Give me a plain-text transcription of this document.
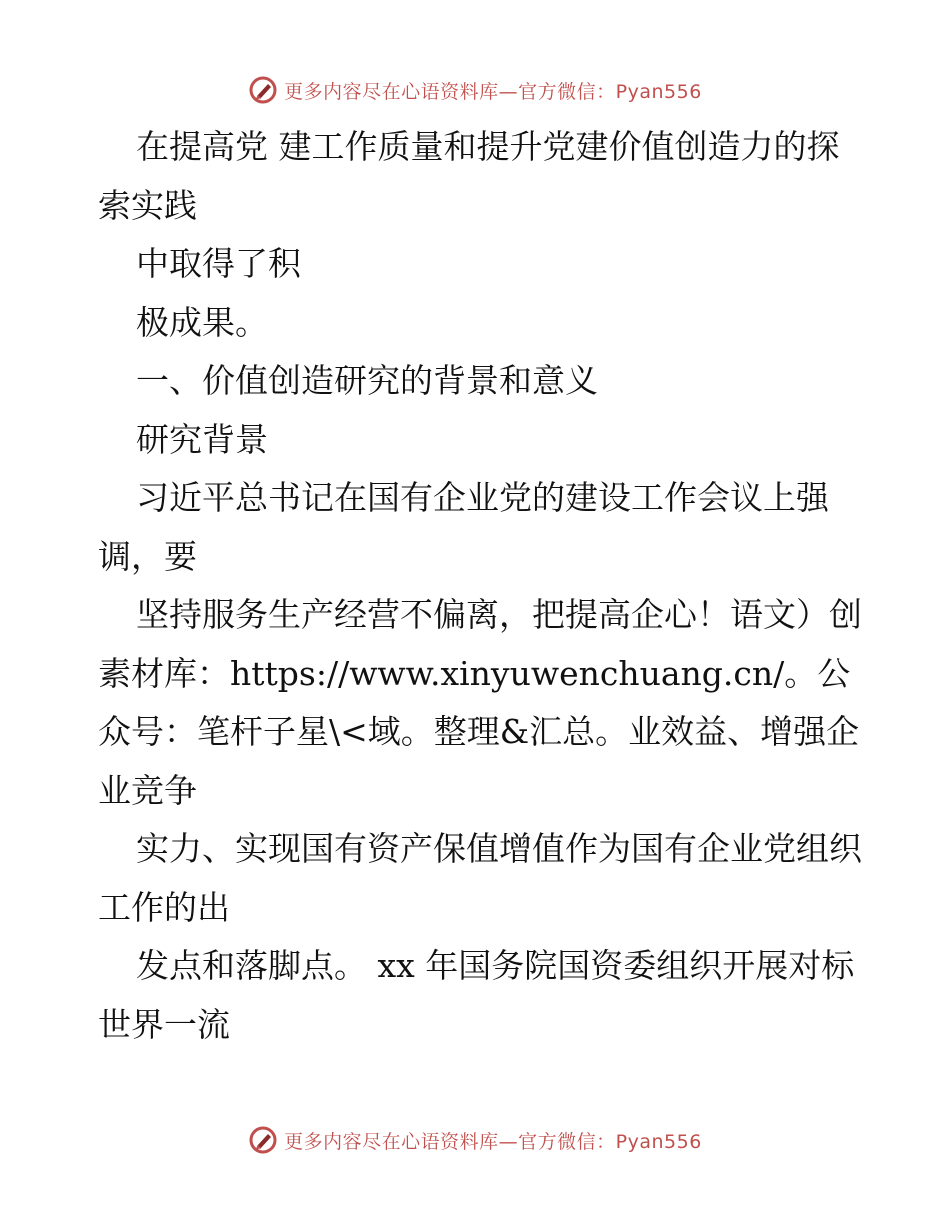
更多内容尽在心语资料库—官方微信：Pyan556

在提高党 建工作质量和提升党建价值创造力的探索实践

中取得了积

极成果。

一、价值创造研究的背景和意义

研究背景

习近平总书记在国有企业党的建设工作会议上强调，要

坚持服务生产经营不偏离，把提高企心！语文）创素材库：https://www.xinyuwenchuang.cn/。公众号：笔杆子星\<域。整理&汇总。业效益、增强企业竞争

实力、实现国有资产保值增值作为国有企业党组织工作的出

发点和落脚点。 xx 年国务院国资委组织开展对标世界一流

更多内容尽在心语资料库—官方微信：Pyan556
